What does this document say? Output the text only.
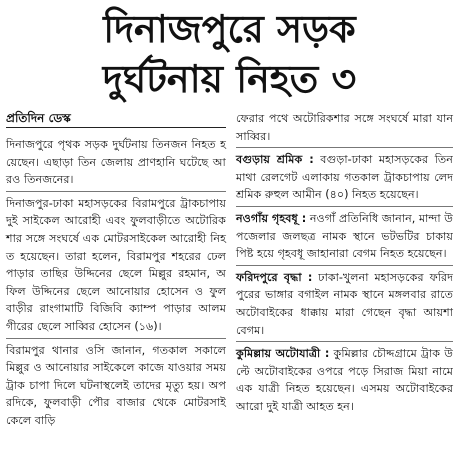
দিনাজপুরে সড়ক
দুর্ঘটনায় নিহত ৩
প্রতিদিন ডেস্ক

দিনাজপুরে পৃথক সড়ক দুর্ঘটনায় তিনজন নিহত হয়েছেন। এছাড়া তিন জেলায় প্রাণহানি ঘটেছে আরও তিনজনের।

দিনাজপুর-ঢাকা মহাসড়কের বিরামপুরে ট্রাকচাপায় দুই সাইকেল আরোহী এবং ফুলবাড়ীতে অটোরিকশার সঙ্গে সংঘর্ষে এক মোটরসাইকেল আরোহী নিহত হয়েছেন। তারা হলেন, বিরামপুর শহরের ঢেলপাড়ার তাছির উদ্দিনের ছেলে মিল্লুর রহমান, অফিল উদ্দিনের ছেলে আনোয়ার হোসেন ও ফুলবাড়ীর রাংগামাটি বিজিবি ক্যাম্প পাড়ার আলমগীরের ছেলে সাব্বির হোসেন (১৬)।

বিরামপুর থানার ওসি জানান, গতকাল সকালে মিল্লুর ও আনোয়ার সাইকেলে কাজে যাওয়ার সময় ট্রাক চাপা দিলে ঘটনাস্থলেই তাদের মৃত্যু হয়। অপরদিকে, ফুলবাড়ী পৌর বাজার থেকে মোটরসাইকেলে বাড়ি

ফেরার পথে অটোরিকশার সঙ্গে সংঘর্ষে মারা যান সাব্বির।

বগুড়ায় শ্রমিক : বগুড়া-ঢাকা মহাসড়কের তিনমাথা রেলগেট এলাকায় গতকাল ট্রাকচাপায় লেদ শ্রমিক রুহুল আমীন (৪০) নিহত হয়েছেন।

নওগাঁয় গৃহবধূ : নওগাঁ প্রতিনিধি জানান, মান্দা উপজেলার জলছত্র নামক স্থানে ভটভটির চাকায় পিষ্ট হয়ে গৃহবধূ জাহানারা বেগম নিহত হয়েছেন।

ফরিদপুরে বৃদ্ধা : ঢাকা-খুলনা মহাসড়কের ফরিদপুরের ভাঙ্গার বগাইল নামক স্থানে মঙ্গলবার রাতে অটোবাইকের ধাক্কায় মারা গেছেন বৃদ্ধা আয়শা বেগম।

কুমিল্লায় অটোযাত্রী : কুমিল্লার চৌদ্দগ্রামে ট্রাক উল্টে অটোবাইকের ওপরে পড়ে সিরাজ মিয়া নামে এক যাত্রী নিহত হয়েছেন। এসময় অটোবাইকের আরো দুই যাত্রী আহত হন।
